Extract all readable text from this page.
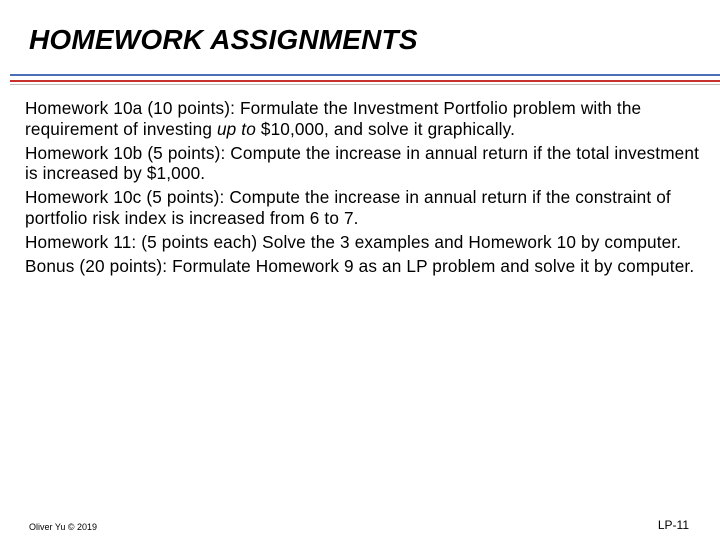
HOMEWORK ASSIGNMENTS
Homework 10a (10 points): Formulate the Investment Portfolio problem with the requirement of investing up to $10,000, and solve it graphically.
Homework 10b (5 points): Compute the increase in annual return if the total investment is increased by $1,000.
Homework 10c (5 points): Compute the increase in annual return if the constraint of portfolio risk index is increased from 6 to 7.
Homework 11: (5 points each) Solve the 3 examples and Homework 10 by computer.
Bonus (20 points): Formulate Homework 9 as an LP problem and solve it by computer.
Oliver Yu © 2019	LP-11
